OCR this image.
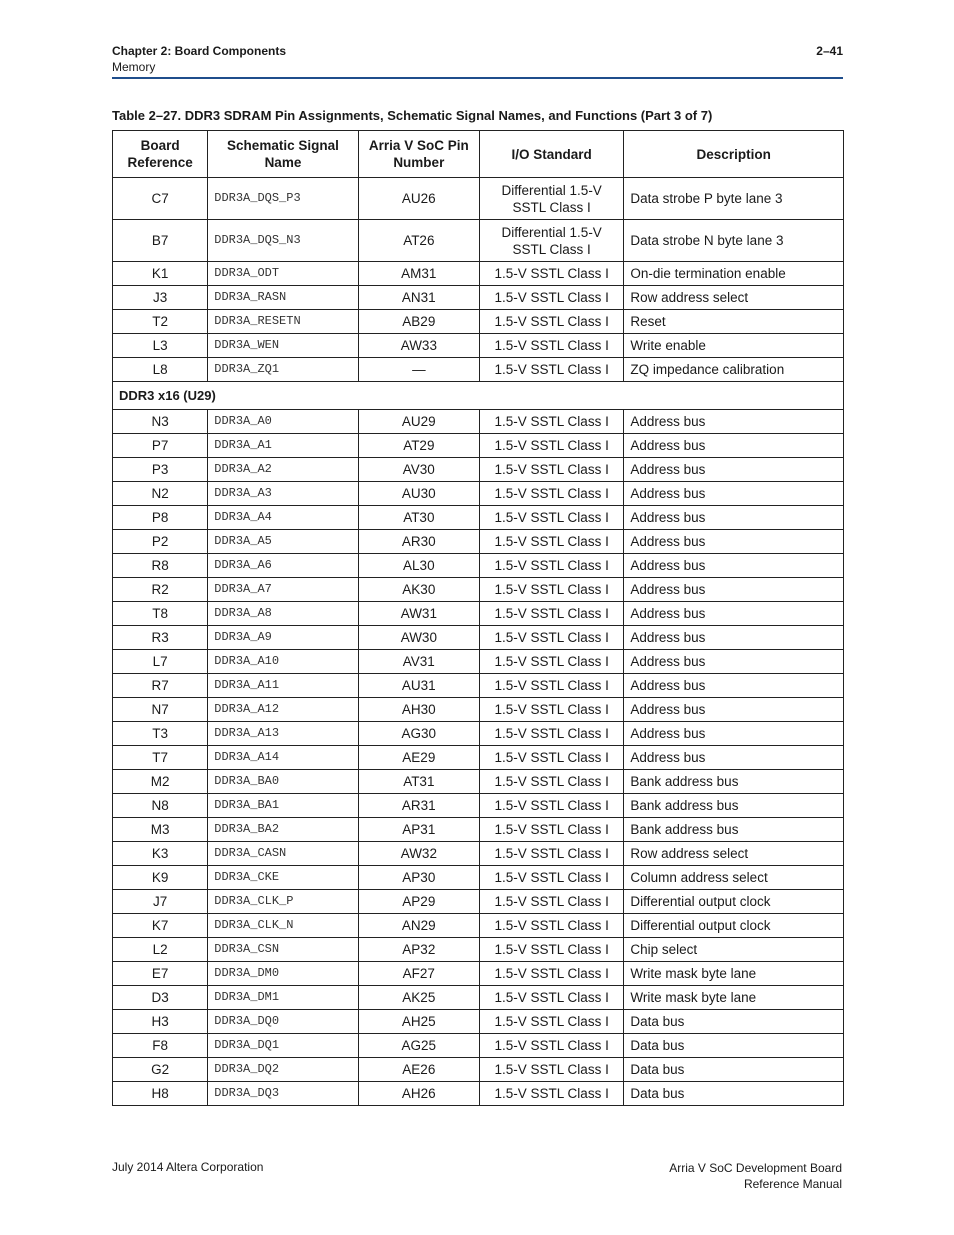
Chapter 2: Board Components
Memory
2–41
Table 2–27. DDR3 SDRAM Pin Assignments, Schematic Signal Names, and Functions (Part 3 of 7)
Board Reference	Schematic Signal Name	Arria V SoC Pin Number	I/O Standard	Description
C7	DDR3A_DQS_P3	AU26	Differential 1.5-V SSTL Class I	Data strobe P byte lane 3
B7	DDR3A_DQS_N3	AT26	Differential 1.5-V SSTL Class I	Data strobe N byte lane 3
K1	DDR3A_ODT	AM31	1.5-V SSTL Class I	On-die termination enable
J3	DDR3A_RASN	AN31	1.5-V SSTL Class I	Row address select
T2	DDR3A_RESETN	AB29	1.5-V SSTL Class I	Reset
L3	DDR3A_WEN	AW33	1.5-V SSTL Class I	Write enable
L8	DDR3A_ZQ1	—	1.5-V SSTL Class I	ZQ impedance calibration
DDR3 x16 (U29)				
N3	DDR3A_A0	AU29	1.5-V SSTL Class I	Address bus
P7	DDR3A_A1	AT29	1.5-V SSTL Class I	Address bus
P3	DDR3A_A2	AV30	1.5-V SSTL Class I	Address bus
N2	DDR3A_A3	AU30	1.5-V SSTL Class I	Address bus
P8	DDR3A_A4	AT30	1.5-V SSTL Class I	Address bus
P2	DDR3A_A5	AR30	1.5-V SSTL Class I	Address bus
R8	DDR3A_A6	AL30	1.5-V SSTL Class I	Address bus
R2	DDR3A_A7	AK30	1.5-V SSTL Class I	Address bus
T8	DDR3A_A8	AW31	1.5-V SSTL Class I	Address bus
R3	DDR3A_A9	AW30	1.5-V SSTL Class I	Address bus
L7	DDR3A_A10	AV31	1.5-V SSTL Class I	Address bus
R7	DDR3A_A11	AU31	1.5-V SSTL Class I	Address bus
N7	DDR3A_A12	AH30	1.5-V SSTL Class I	Address bus
T3	DDR3A_A13	AG30	1.5-V SSTL Class I	Address bus
T7	DDR3A_A14	AE29	1.5-V SSTL Class I	Address bus
M2	DDR3A_BA0	AT31	1.5-V SSTL Class I	Bank address bus
N8	DDR3A_BA1	AR31	1.5-V SSTL Class I	Bank address bus
M3	DDR3A_BA2	AP31	1.5-V SSTL Class I	Bank address bus
K3	DDR3A_CASN	AW32	1.5-V SSTL Class I	Row address select
K9	DDR3A_CKE	AP30	1.5-V SSTL Class I	Column address select
J7	DDR3A_CLK_P	AP29	1.5-V SSTL Class I	Differential output clock
K7	DDR3A_CLK_N	AN29	1.5-V SSTL Class I	Differential output clock
L2	DDR3A_CSN	AP32	1.5-V SSTL Class I	Chip select
E7	DDR3A_DM0	AF27	1.5-V SSTL Class I	Write mask byte lane
D3	DDR3A_DM1	AK25	1.5-V SSTL Class I	Write mask byte lane
H3	DDR3A_DQ0	AH25	1.5-V SSTL Class I	Data bus
F8	DDR3A_DQ1	AG25	1.5-V SSTL Class I	Data bus
G2	DDR3A_DQ2	AE26	1.5-V SSTL Class I	Data bus
H8	DDR3A_DQ3	AH26	1.5-V SSTL Class I	Data bus
July 2014 Altera Corporation	Arria V SoC Development Board
Reference Manual
